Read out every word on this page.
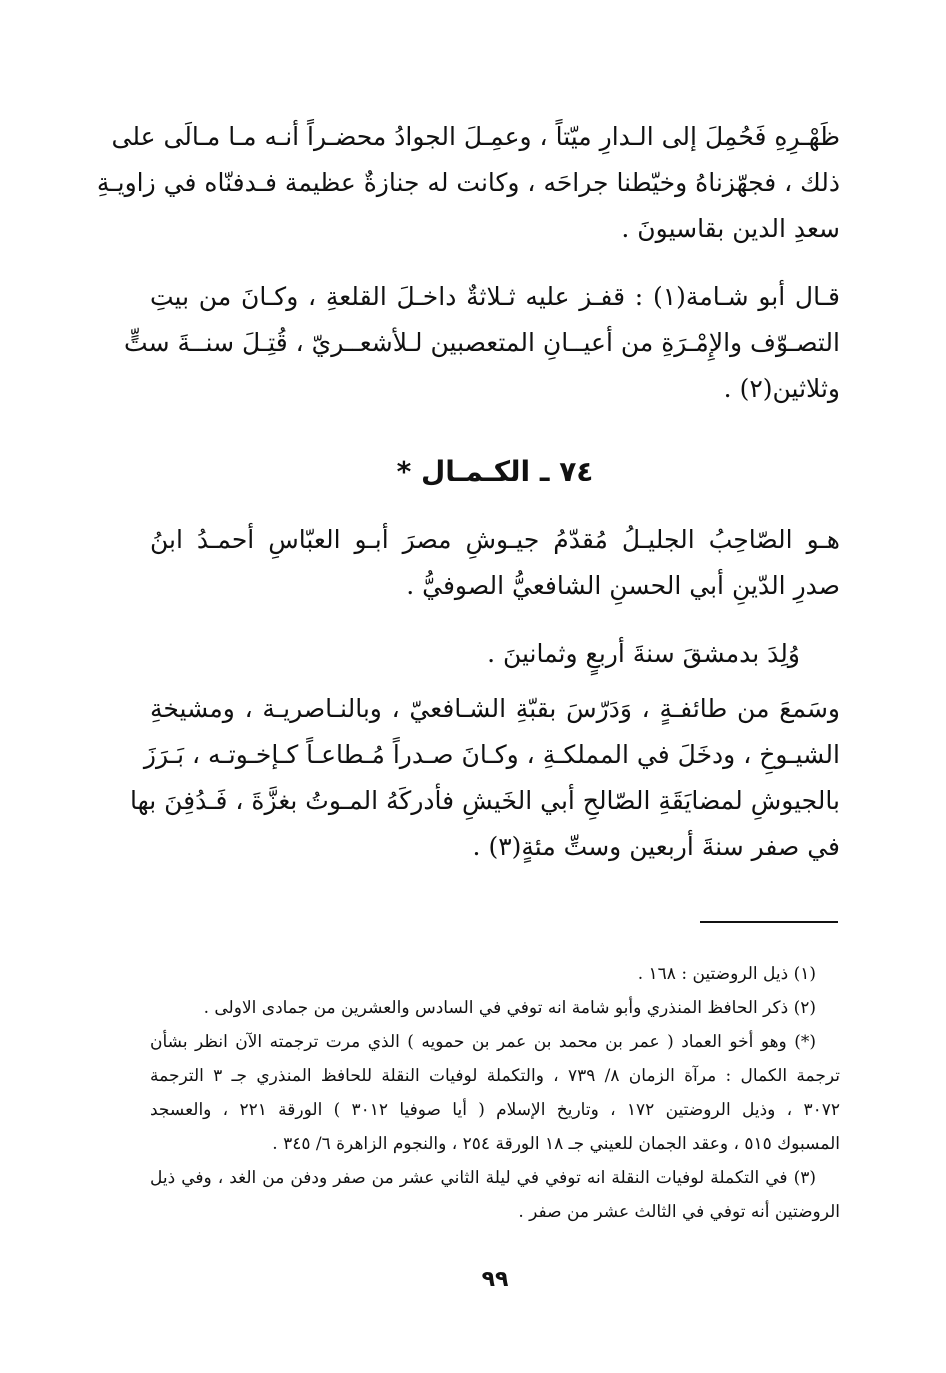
ظَهْـرِهِ فَحُمِلَ إلى الـدارِ ميّتاً ، وعمِـلَ الجوادُ محضـراً أنـه مـا مـالَى على
ذلك ، فجهّزناهُ وخيّطنا جراحَه ، وكانت له جنازةٌ عظيمة فـدفنّاه في زاويـةِ
سعدِ الدين بقاسيونَ .
قـال أبو شـامة(١) : قفـز عليه ثـلاثةٌ داخـلَ القلعةِ ، وكـانَ من بيتِ
التصـوّف والإِمْـرَةِ من أعيــانِ المتعصبين لـلأشعــريّ ، قُتِـلَ سنــةَ ستٍّ
وثلاثين(٢) .
٧٤ ـ الكـمـال *
هـو الصّاحِبُ الجليـلُ مُقدّمُ جيـوشِ مصرَ أبـو العبّاسِ أحمـدُ ابنُ
صدرِ الدّينِ أبي الحسنِ الشافعيُّ الصوفيُّ .
وُلِدَ بدمشقَ سنةَ أربعٍ وثمانينَ .
وسَمعَ من طائفـةٍ ، وَدَرّسَ بقبّةِ الشـافعيّ ، وبالنـاصريـة ، ومشيخةِ
الشيـوخِ ، ودخَلَ في المملكـةِ ، وكـانَ صـدراً مُـطاعـاً كـإخـوتـه ، بَـرَزَ
بالجيوشِ لمضايَقَةِ الصّالحِ أبي الخَيشِ فأدركَهُ المـوتُ بغزَّةَ ، فَـدُفِنَ بها
في صفر سنةَ أربعين وستِّ مئةٍ(٣) .
(١) ذيل الروضتين : ١٦٨ .
(٢) ذكر الحافظ المنذري وأبو شامة انه توفي في السادس والعشرين من جمادى الاولى .
(*) وهو أخو العماد ( عمر بن محمد بن عمر بن حمويه ) الذي مرت ترجمته الآن انظر بشأن
ترجمة الكمال : مرآة الزمان ٨/ ٧٣٩ ، والتكملة لوفيات النقلة للحافظ المنذري جـ ٣ الترجمة
٣٠٧٢ ، وذيل الروضتين ١٧٢ ، وتاريخ الإسلام ( أيا صوفيا ٣٠١٢ ) الورقة ٢٢١ ، والعسجد
المسبوك ٥١٥ ، وعقد الجمان للعيني جـ ١٨ الورقة ٢٥٤ ، والنجوم الزاهرة ٦/ ٣٤٥ .
(٣) في التكملة لوفيات النقلة انه توفي في ليلة الثاني عشر من صفر ودفن من الغد ، وفي ذيل
الروضتين أنه توفي في الثالث عشر من صفر .
٩٩
